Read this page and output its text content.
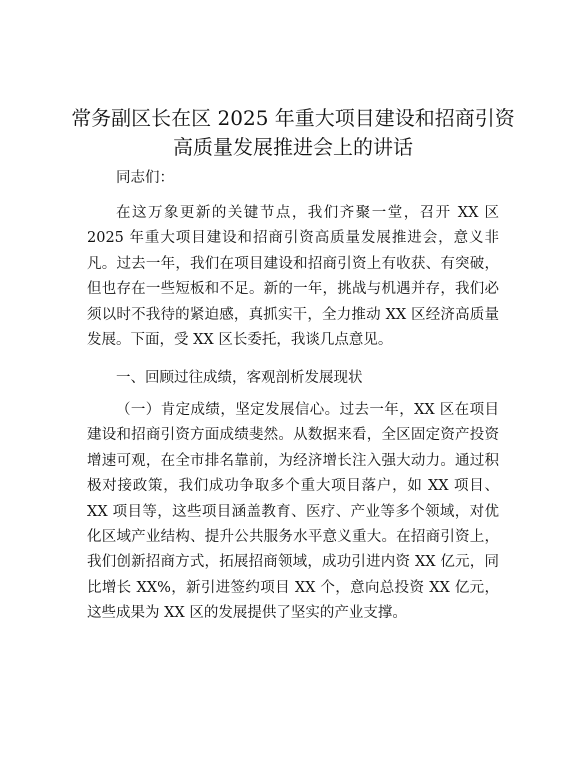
常务副区长在区 2025 年重大项目建设和招商引资高质量发展推进会上的讲话

同志们：

在这万象更新的关键节点，我们齐聚一堂，召开 XX 区 2025 年重大项目建设和招商引资高质量发展推进会，意义非凡。过去一年，我们在项目建设和招商引资上有收获、有突破，但也存在一些短板和不足。新的一年，挑战与机遇并存，我们必须以时不我待的紧迫感，真抓实干，全力推动 XX 区经济高质量发展。下面，受 XX 区长委托，我谈几点意见。

一、回顾过往成绩，客观剖析发展现状

（一）肯定成绩，坚定发展信心。过去一年，XX 区在项目建设和招商引资方面成绩斐然。从数据来看，全区固定资产投资增速可观，在全市排名靠前，为经济增长注入强大动力。通过积极对接政策，我们成功争取多个重大项目落户，如 XX 项目、XX 项目等，这些项目涵盖教育、医疗、产业等多个领域，对优化区域产业结构、提升公共服务水平意义重大。在招商引资上，我们创新招商方式，拓展招商领域，成功引进内资 XX 亿元，同比增长 XX%，新引进签约项目 XX 个，意向总投资 XX 亿元，这些成果为 XX 区的发展提供了坚实的产业支撑。
